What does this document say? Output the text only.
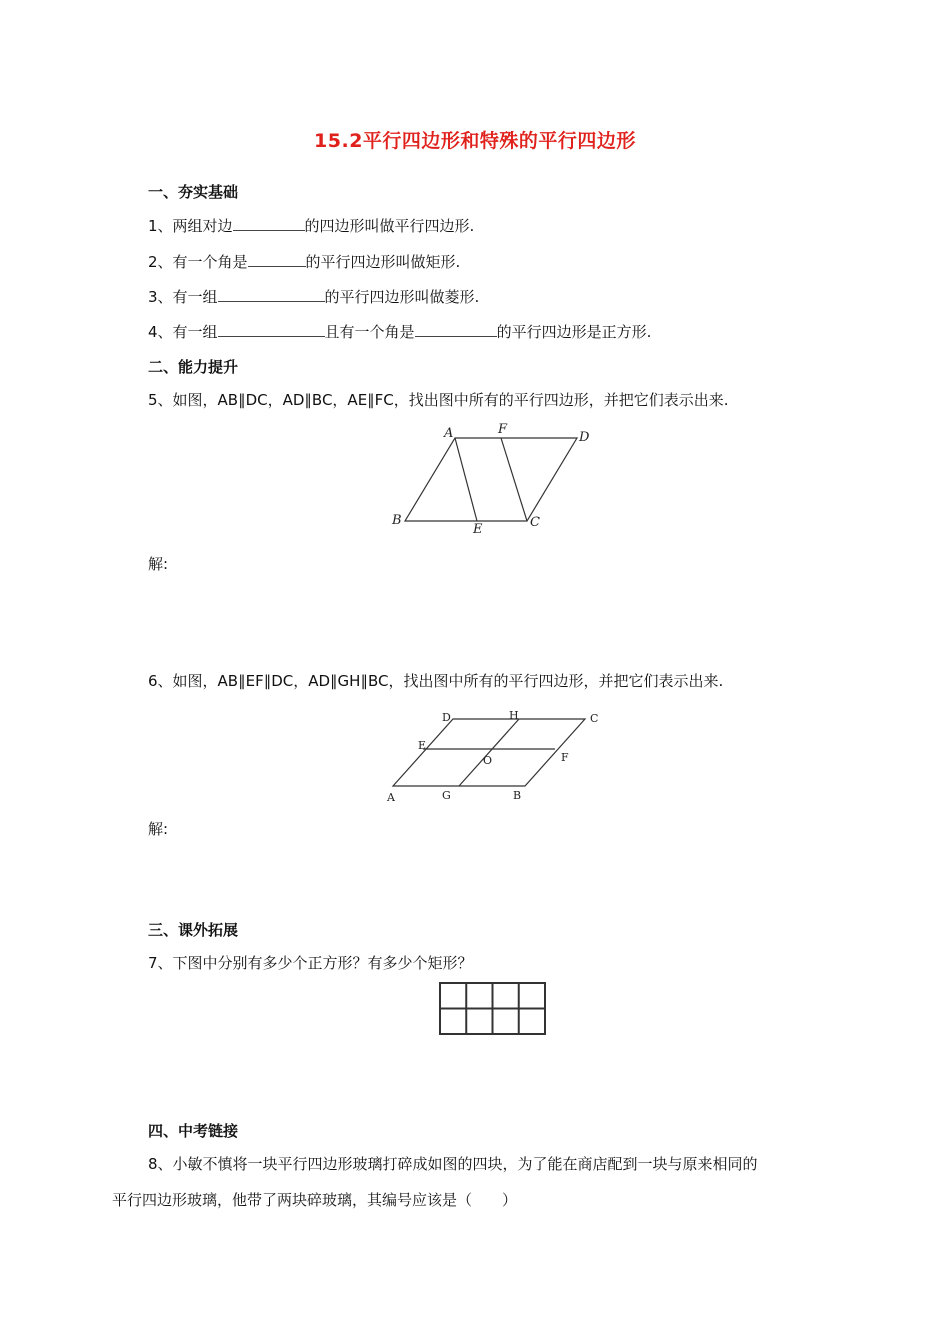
15.2平行四边形和特殊的平行四边形
一、夯实基础
1、两组对边	的四边形叫做平行四边形.
2、有一个角是	的平行四边形叫做矩形.
3、有一组	的平行四边形叫做菱形.
4、有一组	且有一个角是	的平行四边形是正方形.
二、能力提升
5、如图，AB∥DC，AD∥BC，AE∥FC，找出图中所有的平行四边形，并把它们表示出来.
A	F
D
B
E	C
解:
6、如图，AB∥EF∥DC，AD∥GH∥BC，找出图中所有的平行四边形，并把它们表示出来.
D	H	C
E
O	F
A	G	B
解:
三、课外拓展
7、下图中分别有多少个正方形？有多少个矩形？
四、中考链接
8、小敏不慎将一块平行四边形玻璃打碎成如图的四块，为了能在商店配到一块与原来相同的
平行四边形玻璃，他带了两块碎玻璃，其编号应该是（　　）
